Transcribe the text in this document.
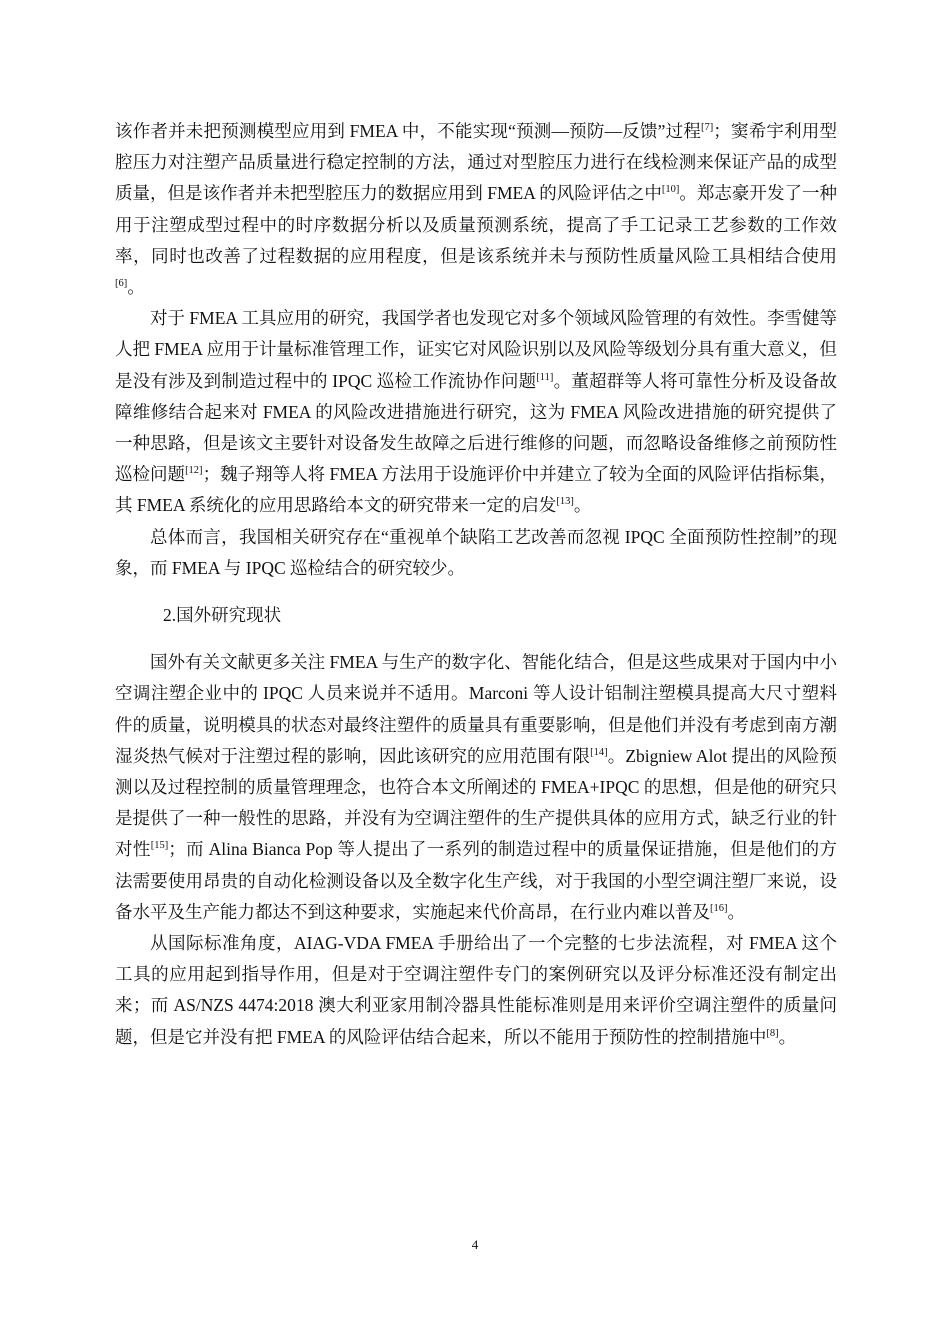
该作者并未把预测模型应用到 FMEA 中，不能实现“预测—预防—反馈”过程[7]；窦希宇利用型腔压力对注塑产品质量进行稳定控制的方法，通过对型腔压力进行在线检测来保证产品的成型质量，但是该作者并未把型腔压力的数据应用到 FMEA 的风险评估之中[10]。郑志豪开发了一种用于注塑成型过程中的时序数据分析以及质量预测系统，提高了手工记录工艺参数的工作效率，同时也改善了过程数据的应用程度，但是该系统并未与预防性质量风险工具相结合使用[6]。

对于 FMEA 工具应用的研究，我国学者也发现它对多个领域风险管理的有效性。李雪健等人把 FMEA 应用于计量标准管理工作，证实它对风险识别以及风险等级划分具有重大意义，但是没有涉及到制造过程中的 IPQC 巡检工作流协作问题[11]。董超群等人将可靠性分析及设备故障维修结合起来对 FMEA 的风险改进措施进行研究，这为 FMEA 风险改进措施的研究提供了一种思路，但是该文主要针对设备发生故障之后进行维修的问题，而忽略设备维修之前预防性巡检问题[12]；魏子翔等人将 FMEA 方法用于设施评价中并建立了较为全面的风险评估指标集，其 FMEA 系统化的应用思路给本文的研究带来一定的启发[13]。

总体而言，我国相关研究存在“重视单个缺陷工艺改善而忽视 IPQC 全面预防性控制”的现象，而 FMEA 与 IPQC 巡检结合的研究较少。

2.国外研究现状

国外有关文献更多关注 FMEA 与生产的数字化、智能化结合，但是这些成果对于国内中小空调注塑企业中的 IPQC 人员来说并不适用。Marconi 等人设计铝制注塑模具提高大尺寸塑料件的质量，说明模具的状态对最终注塑件的质量具有重要影响，但是他们并没有考虑到南方潮湿炎热气候对于注塑过程的影响，因此该研究的应用范围有限[14]。Zbigniew Alot 提出的风险预测以及过程控制的质量管理理念，也符合本文所阐述的 FMEA+IPQC 的思想，但是他的研究只是提供了一种一般性的思路，并没有为空调注塑件的生产提供具体的应用方式，缺乏行业的针对性[15]；而 Alina Bianca Pop 等人提出了一系列的制造过程中的质量保证措施，但是他们的方法需要使用昂贵的自动化检测设备以及全数字化生产线，对于我国的小型空调注塑厂来说，设备水平及生产能力都达不到这种要求，实施起来代价高昂，在行业内难以普及[16]。

从国际标准角度，AIAG-VDA FMEA 手册给出了一个完整的七步法流程，对 FMEA 这个工具的应用起到指导作用，但是对于空调注塑件专门的案例研究以及评分标准还没有制定出来；而 AS/NZS 4474:2018 澳大利亚家用制冷器具性能标准则是用来评价空调注塑件的质量问题，但是它并没有把 FMEA 的风险评估结合起来，所以不能用于预防性的控制措施中[8]。

4
